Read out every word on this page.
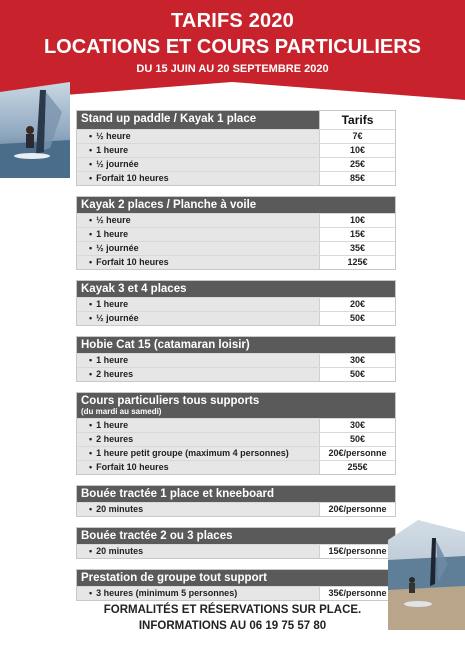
TARIFS 2020
LOCATIONS ET COURS PARTICULIERS
DU 15 JUIN AU 20 SEPTEMBRE 2020
Stand up paddle / Kayak 1 place	Tarifs
• ½ heure	7€
• 1 heure	10€
• ½ journée	25€
• Forfait 10 heures	85€
Kayak 2 places / Planche à voile
• ½ heure	10€
• 1 heure	15€
• ½ journée	35€
• Forfait 10 heures	125€
Kayak 3 et 4 places
• 1 heure	20€
• ½ journée	50€
Hobie Cat 15 (catamaran loisir)
• 1 heure	30€
• 2 heures	50€
Cours particuliers tous supports
(du mardi au samedi)
• 1 heure	30€
• 2 heures	50€
• 1 heure petit groupe (maximum 4 personnes)	20€/personne
• Forfait 10 heures	255€
Bouée tractée 1 place et kneeboard
• 20 minutes	20€/personne
Bouée tractée 2 ou 3 places
• 20 minutes	15€/personne
Prestation de groupe tout support
• 3 heures (minimum 5 personnes)	35€/personne
FORMALITÉS ET RÉSERVATIONS SUR PLACE.
INFORMATIONS AU 06 19 75 57 80
